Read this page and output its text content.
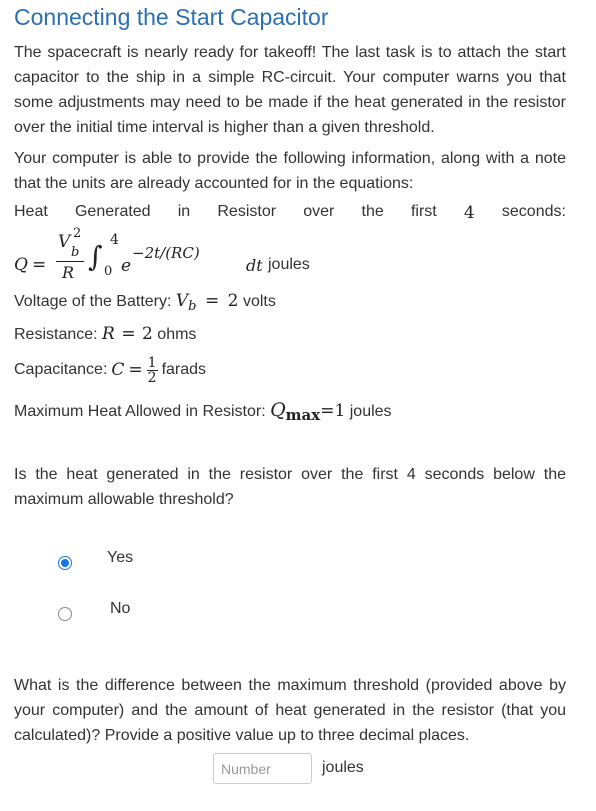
Connecting the Start Capacitor

The spacecraft is nearly ready for takeoff! The last task is to attach the start capacitor to the ship in a simple RC-circuit. Your computer warns you that some adjustments may need to be made if the heat generated in the resistor over the initial time interval is higher than a given threshold.

Your computer is able to provide the following information, along with a note that the units are already accounted for in the equations:

Heat Generated in Resistor over the first 4 seconds:
Q =
V
b
2
R ∫ 4
0 e
−2t/(RC)
dt joules
Voltage of the Battery: $V_b = 2$ volts
Resistance: R = 2 ohms
Capacitance: $C = \frac{1}{2}$ farads
Maximum Heat Allowed in Resistor: $Q_{max}=1$ joules

Is the heat generated in the resistor over the first 4 seconds below the maximum allowable threshold?

Yes
No

What is the difference between the maximum threshold (provided above by your computer) and the amount of heat generated in the resistor (that you calculated)? Provide a positive value up to three decimal places.

Number
joules
